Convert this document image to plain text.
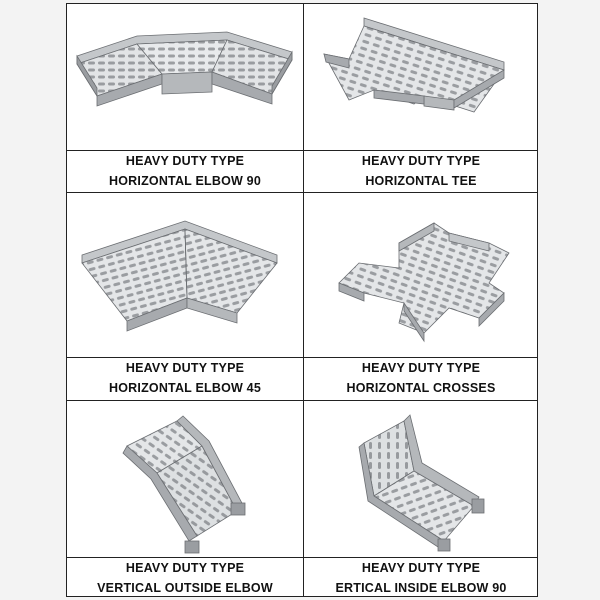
HEAVY DUTY TYPE
HORIZONTAL ELBOW 90
HEAVY DUTY TYPE
HORIZONTAL TEE
HEAVY DUTY TYPE
HORIZONTAL ELBOW 45
HEAVY DUTY TYPE
HORIZONTAL CROSSES
HEAVY DUTY TYPE
VERTICAL OUTSIDE ELBOW
HEAVY DUTY TYPE
ERTICAL INSIDE ELBOW 90
